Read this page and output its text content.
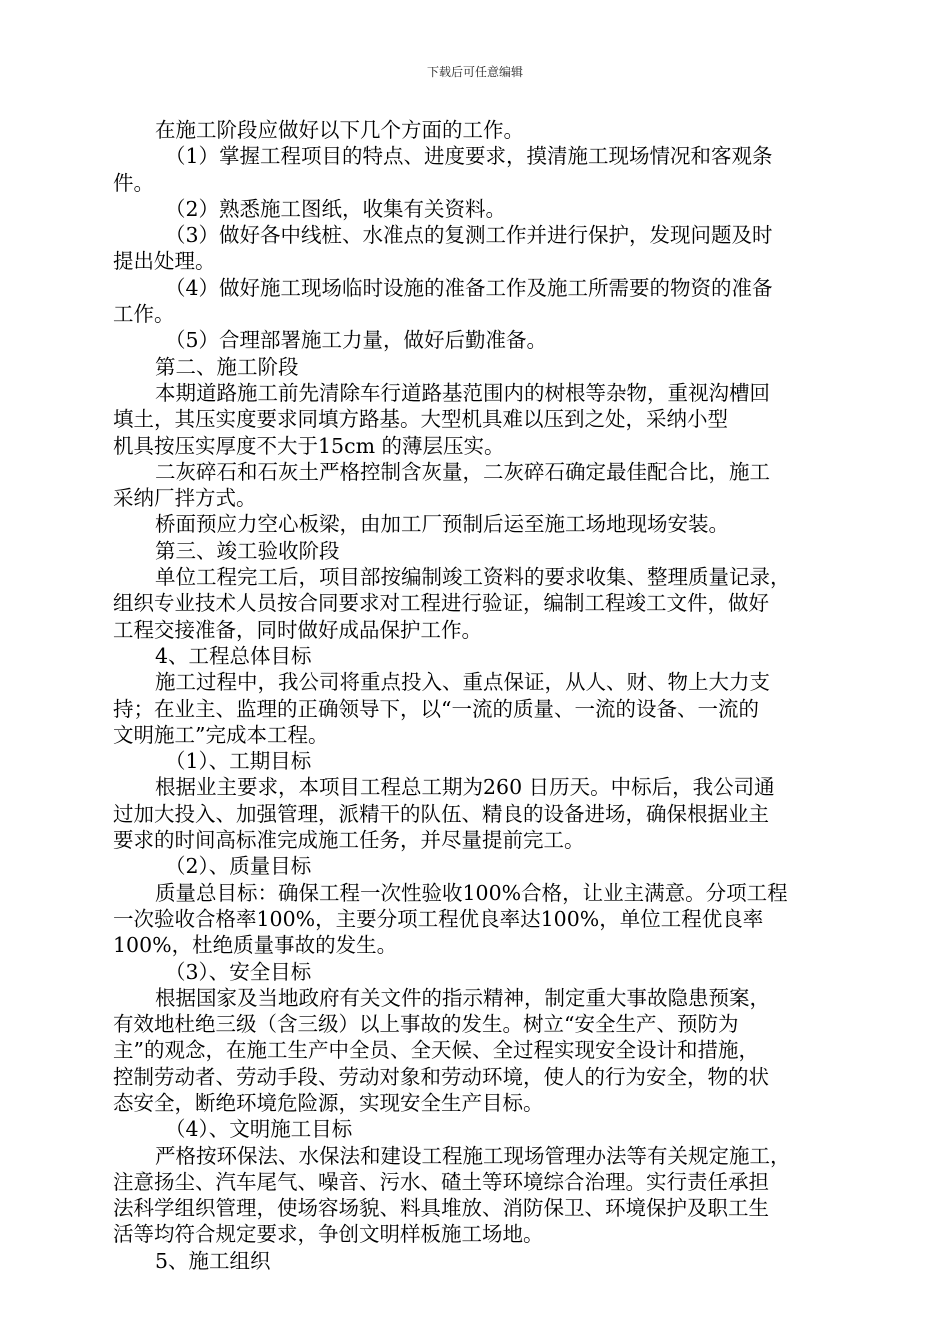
下载后可任意编辑
在施工阶段应做好以下几个方面的工作。
（1）掌握工程项目的特点、进度要求，摸清施工现场情况和客观条
件。
（2）熟悉施工图纸，收集有关资料。
（3）做好各中线桩、水准点的复测工作并进行保护，发现问题及时
提出处理。
（4）做好施工现场临时设施的准备工作及施工所需要的物资的准备
工作。
（5）合理部署施工力量，做好后勤准备。
第二、施工阶段
本期道路施工前先清除车行道路基范围内的树根等杂物，重视沟槽回
填土，其压实度要求同填方路基。大型机具难以压到之处，采纳小型
机具按压实厚度不大于15cm 的薄层压实。
二灰碎石和石灰土严格控制含灰量，二灰碎石确定最佳配合比，施工
采纳厂拌方式。
桥面预应力空心板梁，由加工厂预制后运至施工场地现场安装。
第三、竣工验收阶段
单位工程完工后，项目部按编制竣工资料的要求收集、整理质量记录，
组织专业技术人员按合同要求对工程进行验证，编制工程竣工文件，做好
工程交接准备，同时做好成品保护工作。
4、工程总体目标
施工过程中，我公司将重点投入、重点保证，从人、财、物上大力支
持；在业主、监理的正确领导下，以“一流的质量、一流的设备、一流的
文明施工”完成本工程。
（1）、工期目标
根据业主要求，本项目工程总工期为260 日历天。中标后，我公司通
过加大投入、加强管理，派精干的队伍、精良的设备进场，确保根据业主
要求的时间高标准完成施工任务，并尽量提前完工。
（2）、质量目标
质量总目标：确保工程一次性验收100%合格，让业主满意。分项工程
一次验收合格率100%，主要分项工程优良率达100%，单位工程优良率
100%，杜绝质量事故的发生。
（3）、安全目标
根据国家及当地政府有关文件的指示精神，制定重大事故隐患预案，
有效地杜绝三级（含三级）以上事故的发生。树立“安全生产、预防为
主”的观念，在施工生产中全员、全天候、全过程实现安全设计和措施，
控制劳动者、劳动手段、劳动对象和劳动环境，使人的行为安全，物的状
态安全，断绝环境危险源，实现安全生产目标。
（4）、文明施工目标
严格按环保法、水保法和建设工程施工现场管理办法等有关规定施工，
注意扬尘、汽车尾气、噪音、污水、碴土等环境综合治理。实行责任承担
法科学组织管理，使场容场貌、料具堆放、消防保卫、环境保护及职工生
活等均符合规定要求，争创文明样板施工场地。
5、施工组织
